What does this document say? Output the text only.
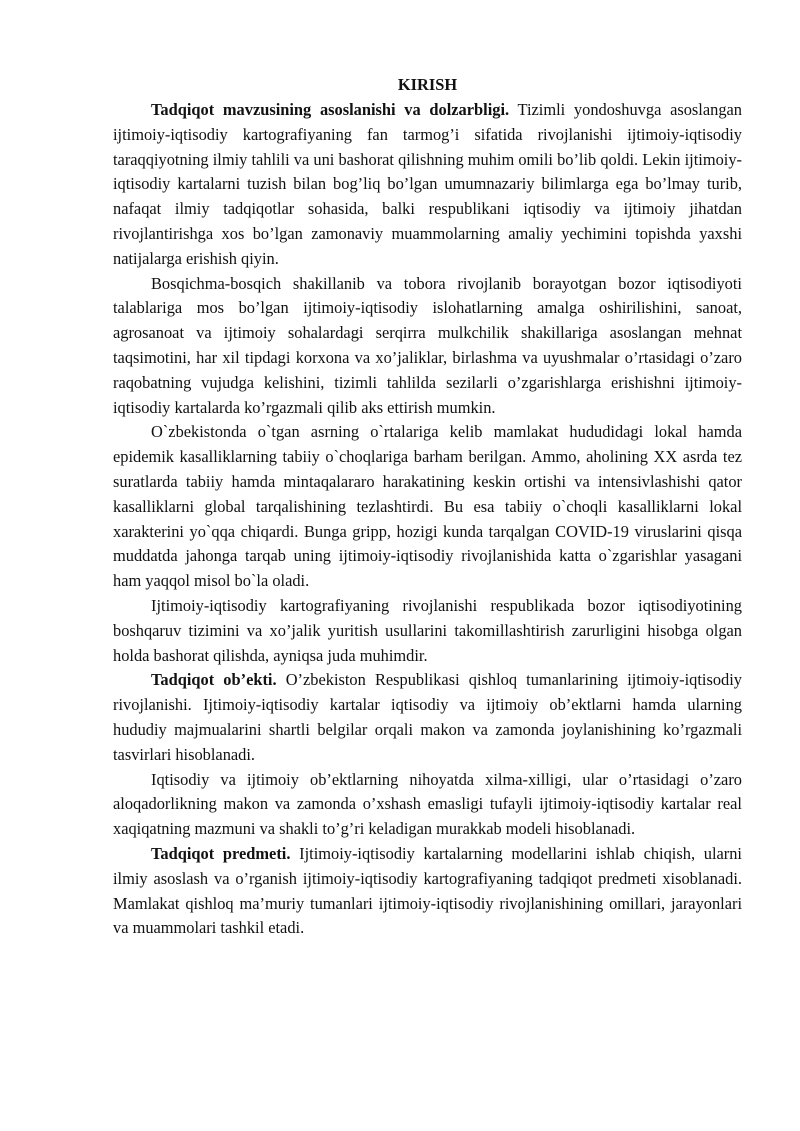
KIRISH

Tadqiqot mavzusining asoslanishi va dolzarbligi. Tizimli yondoshuvga asoslangan ijtimoiy-iqtisodiy kartografiyaning fan tarmog’i sifatida rivojlanishi ijtimoiy-iqtisodiy taraqqiyotning ilmiy tahlili va uni bashorat qilishning muhim omili bo’lib qoldi. Lekin ijtimoiy-iqtisodiy kartalarni tuzish bilan bog’liq bo’lgan umumnazariy bilimlarga ega bo’lmay turib, nafaqat ilmiy tadqiqotlar sohasida, balki respublikani iqtisodiy va ijtimoiy jihatdan rivojlantirishga xos bo’lgan zamonaviy muammolarning amaliy yechimini topishda yaxshi natijalarga erishish qiyin.

Bosqichma-bosqich shakillanib va tobora rivojlanib borayotgan bozor iqtisodiyoti talablariga mos bo’lgan ijtimoiy-iqtisodiy islohatlarning amalga oshirilishini, sanoat, agrosanoat va ijtimoiy sohalardagi serqirra mulkchilik shakillariga asoslangan mehnat taqsimotini, har xil tipdagi korxona va xo’jaliklar, birlashma va uyushmalar o’rtasidagi o’zaro raqobatning vujudga kelishini, tizimli tahlilda sezilarli o’zgarishlarga erishishni ijtimoiy-iqtisodiy kartalarda ko’rgazmali qilib aks ettirish mumkin.

O`zbekistonda o`tgan asrning o`rtalariga kelib mamlakat hududidagi lokal hamda epidemik kasalliklarning tabiiy o`choqlariga barham berilgan. Ammo, aholining XX asrda tez suratlarda tabiiy hamda mintaqalararo harakatining keskin ortishi va intensivlashishi qator kasalliklarni global tarqalishining tezlashtirdi. Bu esa tabiiy o`choqli kasalliklarni lokal xarakterini yo`qqa chiqardi. Bunga gripp, hozigi kunda tarqalgan COVID-19 viruslarini qisqa muddatda jahonga tarqab uning ijtimoiy-iqtisodiy rivojlanishida katta o`zgarishlar yasagani ham yaqqol misol bo`la oladi.

Ijtimoiy-iqtisodiy kartografiyaning rivojlanishi respublikada bozor iqtisodiyotining boshqaruv tizimini va xo’jalik yuritish usullarini takomillashtirish zarurligini hisobga olgan holda bashorat qilishda, ayniqsa juda muhimdir.

Tadqiqot ob’ekti. O’zbekiston Respublikasi qishloq tumanlarining ijtimoiy-iqtisodiy rivojlanishi. Ijtimoiy-iqtisodiy kartalar iqtisodiy va ijtimoiy ob’ektlarni hamda ularning hududiy majmualarini shartli belgilar orqali makon va zamonda joylanishining ko’rgazmali tasvirlari hisoblanadi.

Iqtisodiy va ijtimoiy ob’ektlarning nihoyatda xilma-xilligi, ular o’rtasidagi o’zaro aloqadorlikning makon va zamonda o’xshash emasligi tufayli ijtimoiy-iqtisodiy kartalar real xaqiqatning mazmuni va shakli to’g’ri keladigan murakkab modeli hisoblanadi.

Tadqiqot predmeti. Ijtimoiy-iqtisodiy kartalarning modellarini ishlab chiqish, ularni ilmiy asoslash va o’rganish ijtimoiy-iqtisodiy kartografiyaning tadqiqot predmeti xisoblanadi. Mamlakat qishloq ma’muriy tumanlari ijtimoiy-iqtisodiy rivojlanishining omillari, jarayonlari va muammolari tashkil etadi.
